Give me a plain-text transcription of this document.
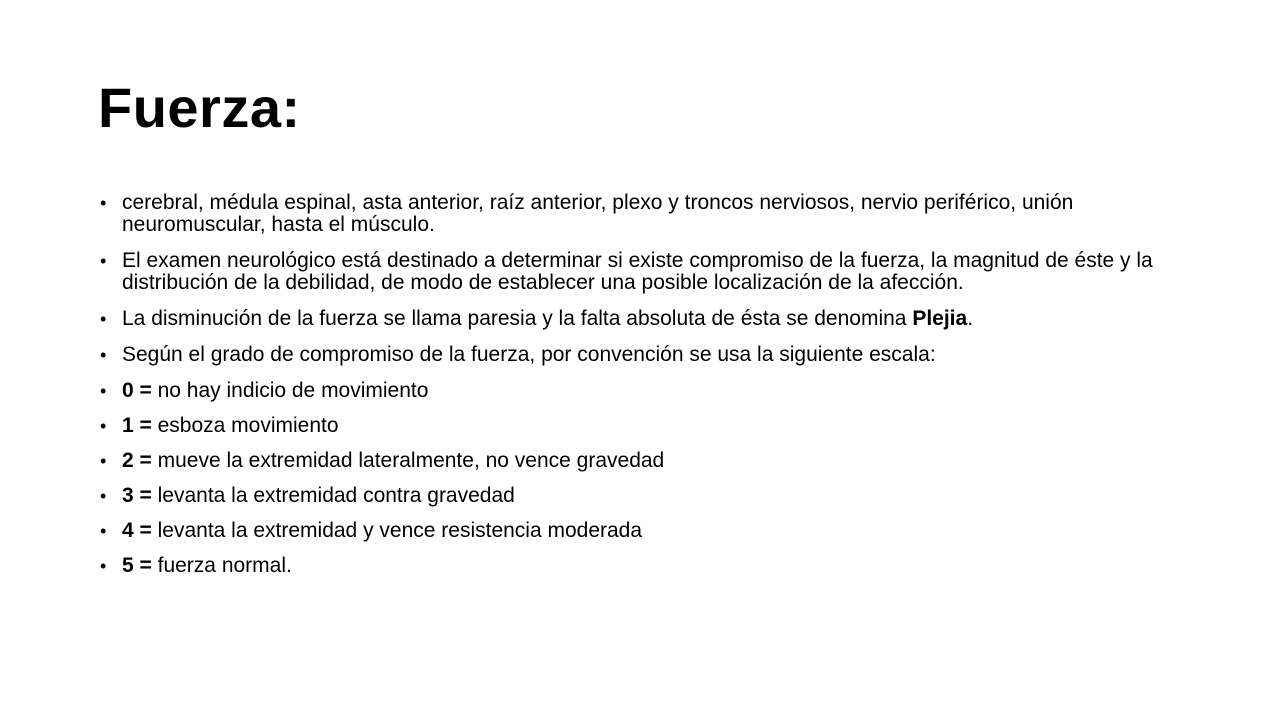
Fuerza:
• cerebral, médula espinal, asta anterior, raíz anterior, plexo y troncos nerviosos, nervio periférico, unión neuromuscular, hasta el músculo.
• El examen neurológico está destinado a determinar si existe compromiso de la fuerza, la magnitud de éste y la distribución de la debilidad, de modo de establecer una posible localización de la afección.
• La disminución de la fuerza se llama paresia y la falta absoluta de ésta se denomina Plejia.
• Según el grado de compromiso de la fuerza, por convención se usa la siguiente escala:
• 0 = no hay indicio de movimiento
• 1 = esboza movimiento
• 2 = mueve la extremidad lateralmente, no vence gravedad
• 3 = levanta la extremidad contra gravedad
• 4 = levanta la extremidad y vence resistencia moderada
• 5 = fuerza normal.
